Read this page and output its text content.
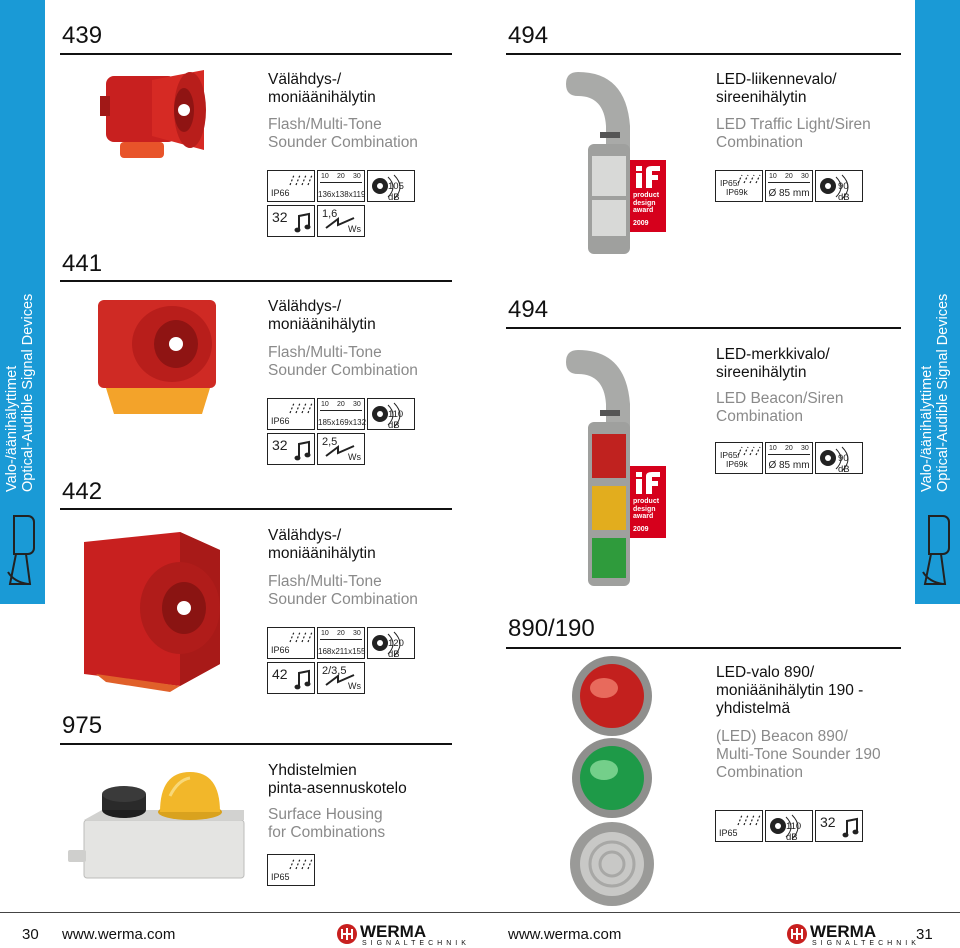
Valo-/äänihälyttimet Optical-Audible Signal Devices	Valo-/äänihälyttimet Optical-Audible Signal Devices
439
Välähdys-/
moniäänihälytin
Flash/Multi-Tone
Sounder Combination
IP66
10 20 30
136x138x119
105 dB
32	1,6
Ws
441
Välähdys-/
moniäänihälytin
Flash/Multi-Tone
Sounder Combination
IP66
10 20 30
185x169x132
110 dB
32	2,5
Ws
442
Välähdys-/
moniäänihälytin
Flash/Multi-Tone
Sounder Combination
IP66
10 20 30
168x211x155
120 dB
42	2/3,5
Ws
975
Yhdistelmien
pinta-asennuskotelo
Surface Housing
for Combinations
IP65
494
product
design
award
2009
LED-liikennevalo/
sireenihälytin
LED Traffic Light/Siren
Combination
IP65/
IP69k
10 20 30
Ø 85 mm
90 dB
494
product
design
award
2009
LED-merkkivalo/
sireenihälytin
LED Beacon/Siren
Combination
IP65/
IP69k
10 20 30
Ø 85 mm
90 dB
890/190
LED-valo 890/
moniäänihälytin 190 -
yhdistelmä
(LED) Beacon 890/
Multi-Tone Sounder 190
Combination
IP65
110 dB
32
30 www.werma.com	WERMA
SIGNALTECHNIK
www.werma.com	WERMA
SIGNALTECHNIK
31
